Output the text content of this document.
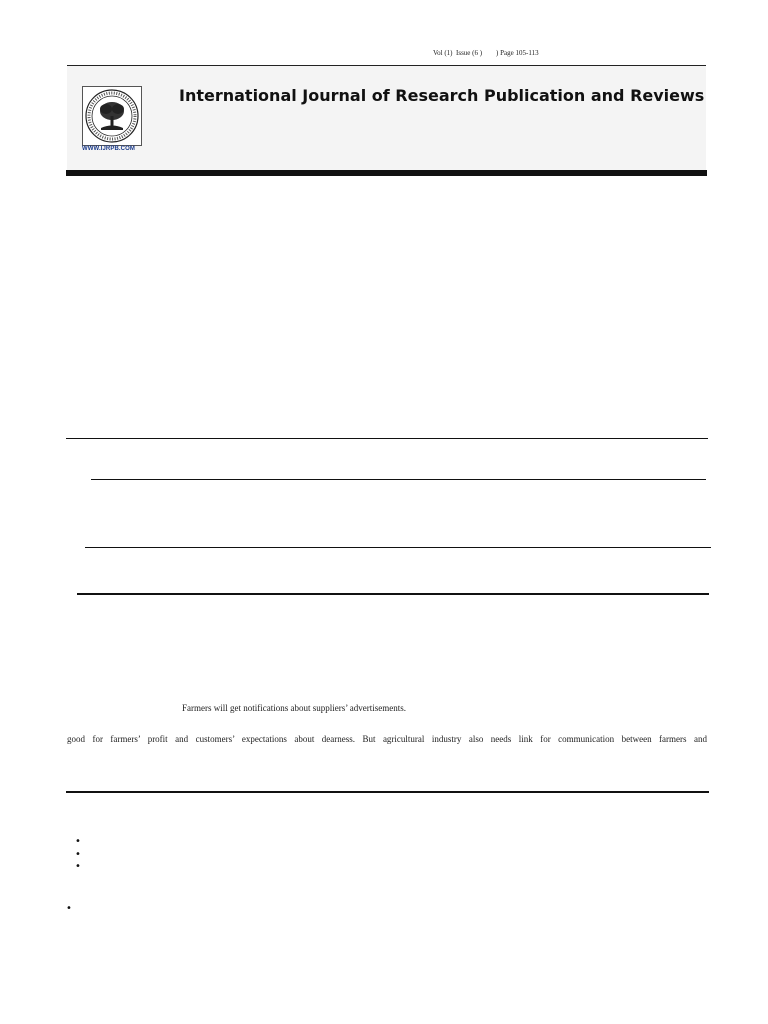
Vol (1)  Issue (6 )        ) Page 105-113
WWW.IJRPB.COM
International Journal of Research Publication and Reviews
Farmers will get notifications about suppliers’ advertisements.
good for farmers’ profit and customers’ expectations about dearness. But agricultural industry also needs link for communication between farmers and
•
•
•
•
